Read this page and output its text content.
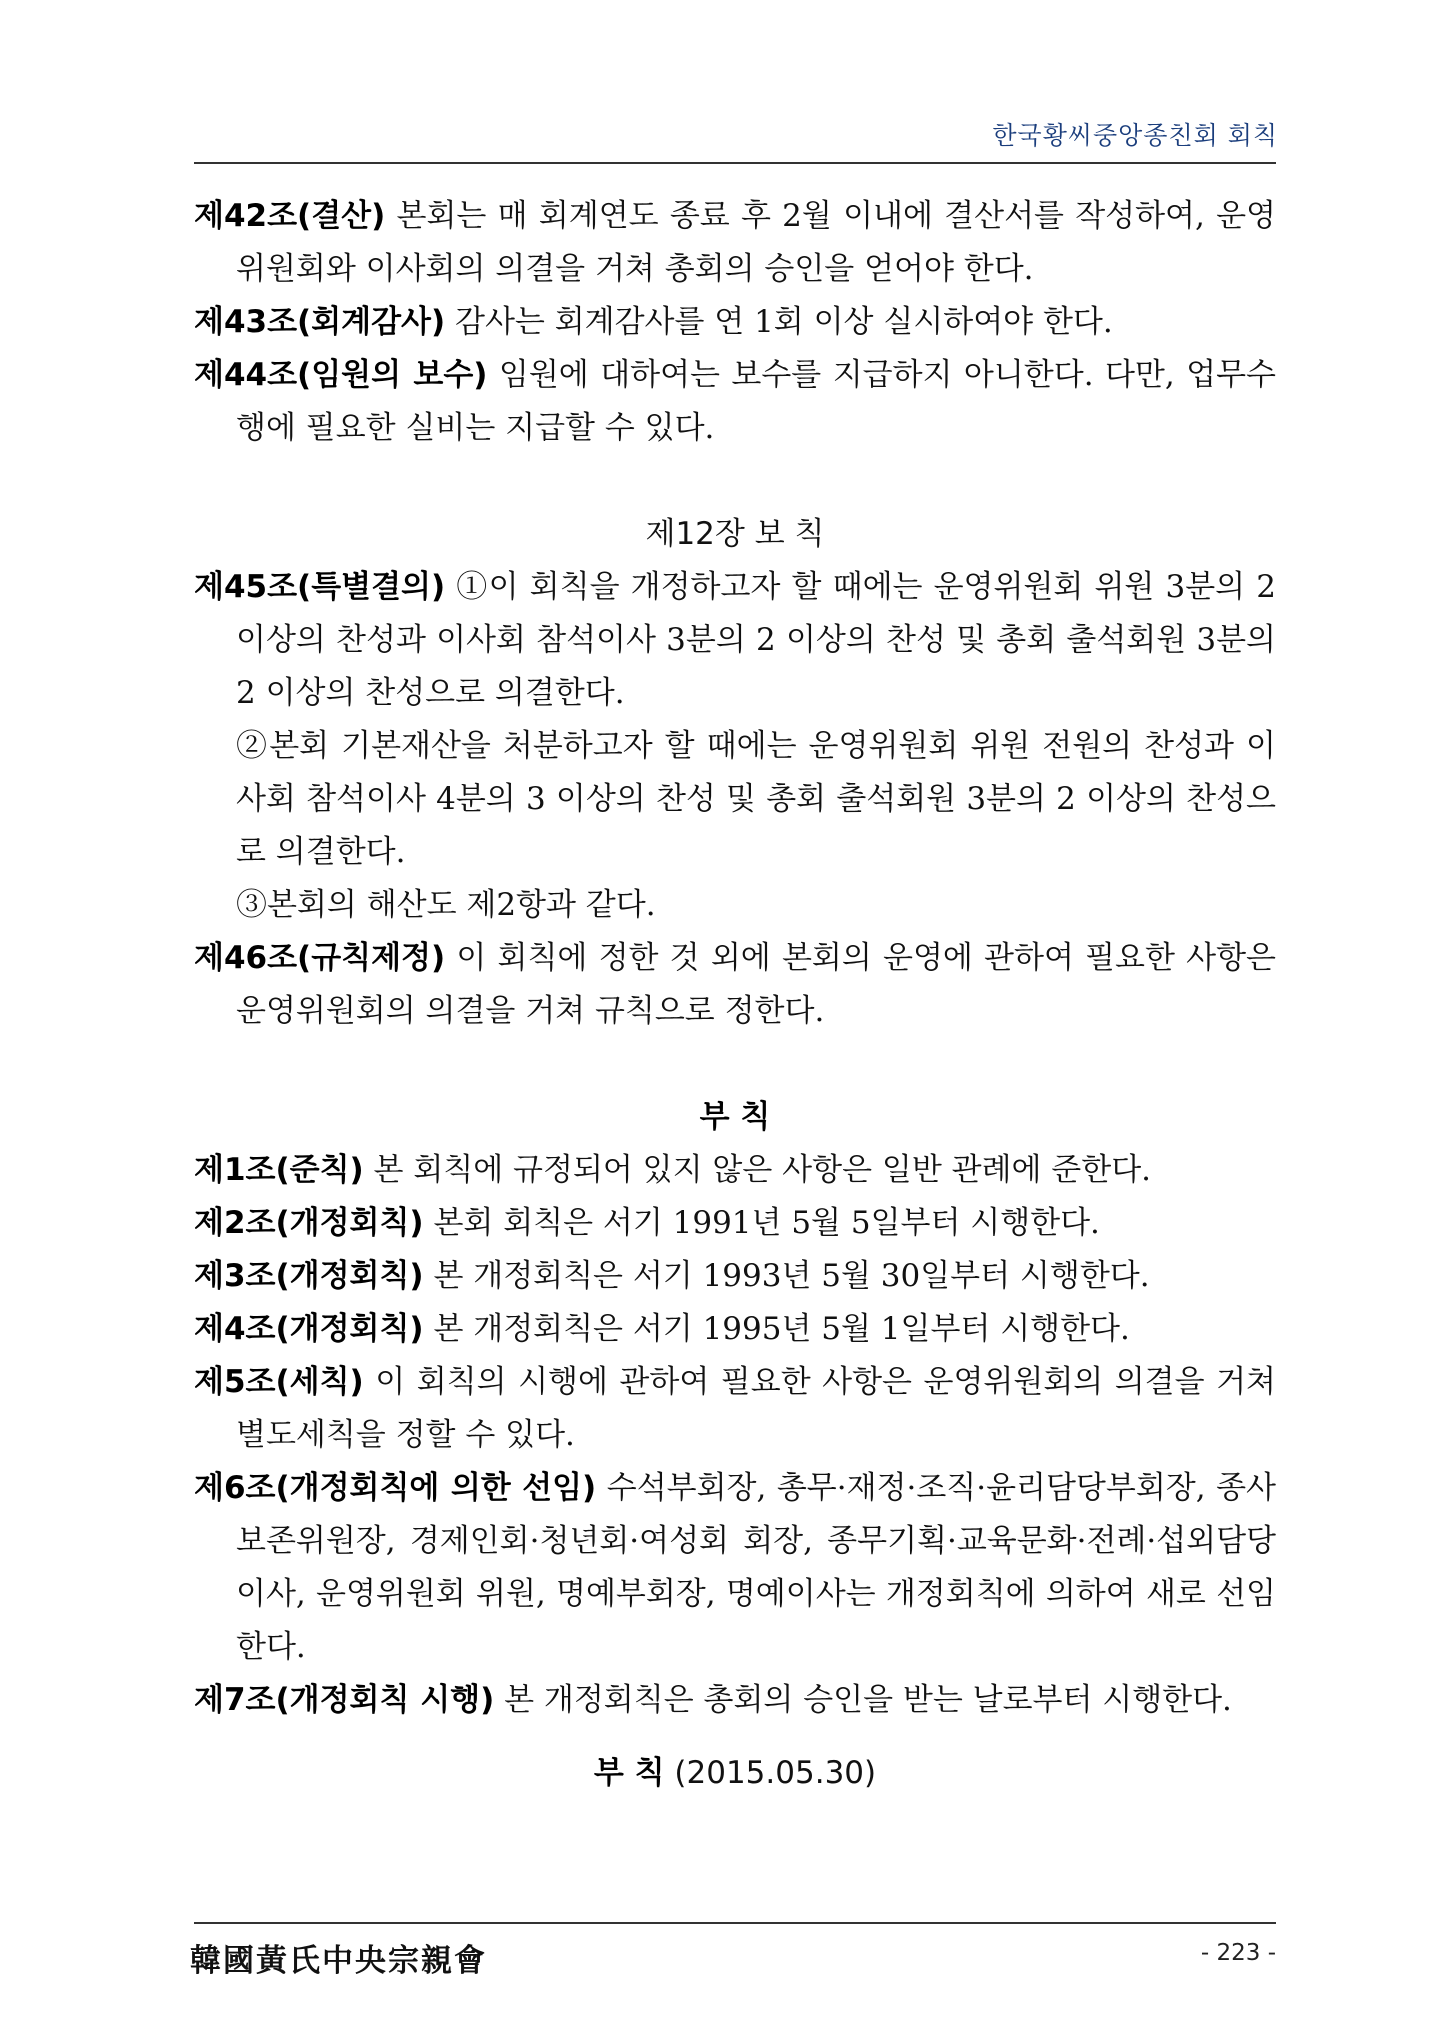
한국황씨중앙종친회 회칙

제42조(결산) 본회는 매 회계연도 종료 후 2월 이내에 결산서를 작성하여, 운영위원회와 이사회의 의결을 거쳐 총회의 승인을 얻어야 한다.

제43조(회계감사) 감사는 회계감사를 연 1회 이상 실시하여야 한다.

제44조(임원의 보수) 임원에 대하여는 보수를 지급하지 아니한다. 다만, 업무수행에 필요한 실비는 지급할 수 있다.

제12장 보 칙

제45조(특별결의) ①이 회칙을 개정하고자 할 때에는 운영위원회 위원 3분의 2 이상의 찬성과 이사회 참석이사 3분의 2 이상의 찬성 및 총회 출석회원 3분의 2 이상의 찬성으로 의결한다.

②본회 기본재산을 처분하고자 할 때에는 운영위원회 위원 전원의 찬성과 이사회 참석이사 4분의 3 이상의 찬성 및 총회 출석회원 3분의 2 이상의 찬성으로 의결한다.

③본회의 해산도 제2항과 같다.

제46조(규칙제정) 이 회칙에 정한 것 외에 본회의 운영에 관하여 필요한 사항은 운영위원회의 의결을 거쳐 규칙으로 정한다.

부 칙

제1조(준칙) 본 회칙에 규정되어 있지 않은 사항은 일반 관례에 준한다.

제2조(개정회칙) 본회 회칙은 서기 1991년 5월 5일부터 시행한다.

제3조(개정회칙) 본 개정회칙은 서기 1993년 5월 30일부터 시행한다.

제4조(개정회칙) 본 개정회칙은 서기 1995년 5월 1일부터 시행한다.

제5조(세칙) 이 회칙의 시행에 관하여 필요한 사항은 운영위원회의 의결을 거쳐 별도세칙을 정할 수 있다.

제6조(개정회칙에 의한 선임) 수석부회장, 총무·재정·조직·윤리담당부회장, 종사보존위원장, 경제인회·청년회·여성회 회장, 종무기획·교육문화·전례·섭외담당이사, 운영위원회 위원, 명예부회장, 명예이사는 개정회칙에 의하여 새로 선임한다.

제7조(개정회칙 시행) 본 개정회칙은 총회의 승인을 받는 날로부터 시행한다.

부 칙 (2015.05.30)

韓國黃氏中央宗親會	- 223 -
